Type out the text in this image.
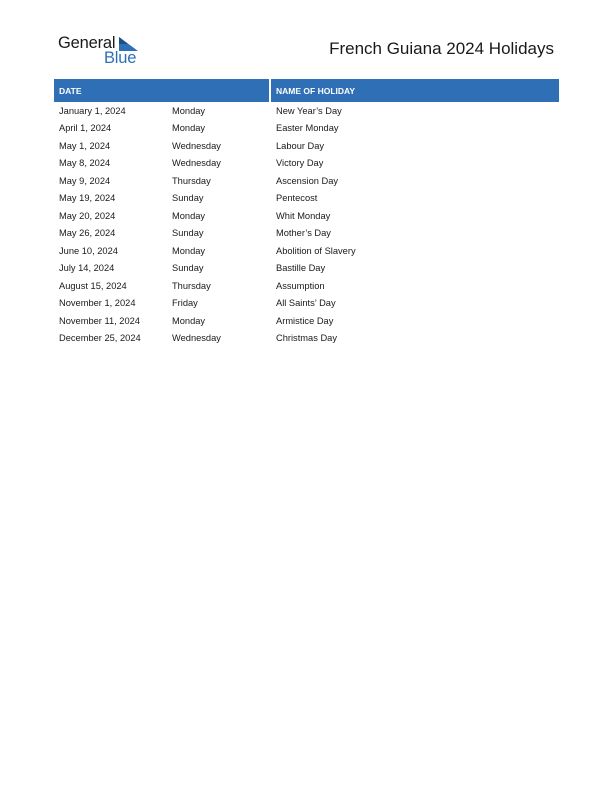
General
Blue	French Guiana 2024 Holidays
DATE		NAME OF HOLIDAY
January 1, 2024	Monday	New Year’s Day
April 1, 2024	Monday	Easter Monday
May 1, 2024	Wednesday	Labour Day
May 8, 2024	Wednesday	Victory Day
May 9, 2024	Thursday	Ascension Day
May 19, 2024	Sunday	Pentecost
May 20, 2024	Monday	Whit Monday
May 26, 2024	Sunday	Mother’s Day
June 10, 2024	Monday	Abolition of Slavery
July 14, 2024	Sunday	Bastille Day
August 15, 2024	Thursday	Assumption
November 1, 2024	Friday	All Saints’ Day
November 11, 2024	Monday	Armistice Day
December 25, 2024	Wednesday	Christmas Day
